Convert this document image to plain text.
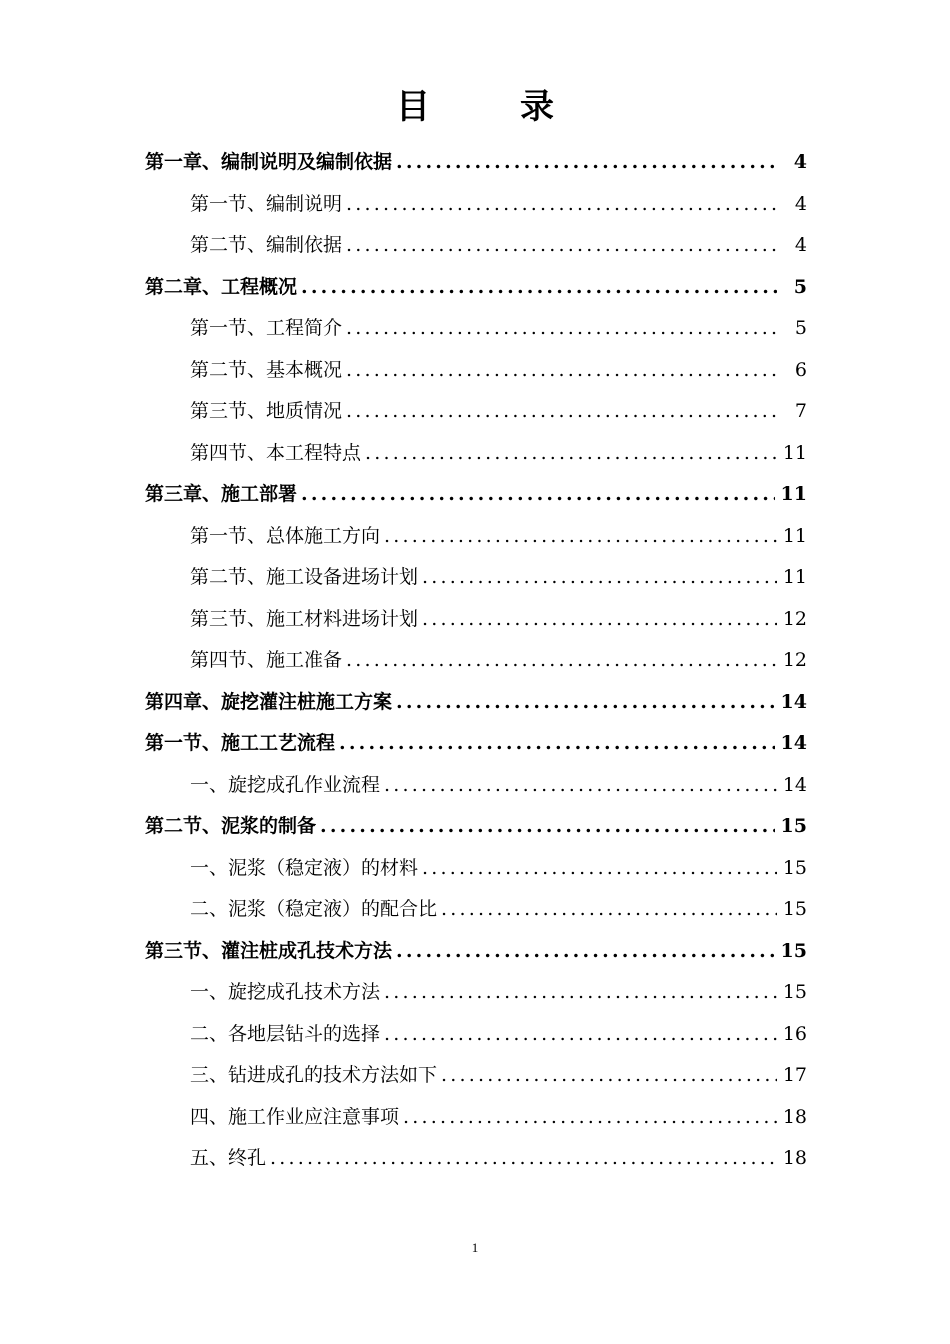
目　录
第一章、编制说明及编制依据 .....	4
第一节、编制说明 .....	4
第二节、编制依据 .....	4
第二章、工程概况 .....	5
第一节、工程简介 .....	5
第二节、基本概况 .....	6
第三节、地质情况 .....	7
第四节、本工程特点 .....	11
第三章、施工部署 .....	11
第一节、总体施工方向 .....	11
第二节、施工设备进场计划 .....	11
第三节、施工材料进场计划 .....	12
第四节、施工准备 .....	12
第四章、旋挖灌注桩施工方案 .....	14
第一节、施工工艺流程 .....	14
一、旋挖成孔作业流程 .....	14
第二节、泥浆的制备 .....	15
一、泥浆（稳定液）的材料 .....	15
二、泥浆（稳定液）的配合比 .....	15
第三节、灌注桩成孔技术方法 .....	15
一、旋挖成孔技术方法 .....	15
二、各地层钻斗的选择 .....	16
三、钻进成孔的技术方法如下 .....	17
四、施工作业应注意事项 .....	18
五、终孔 .....	18
1
